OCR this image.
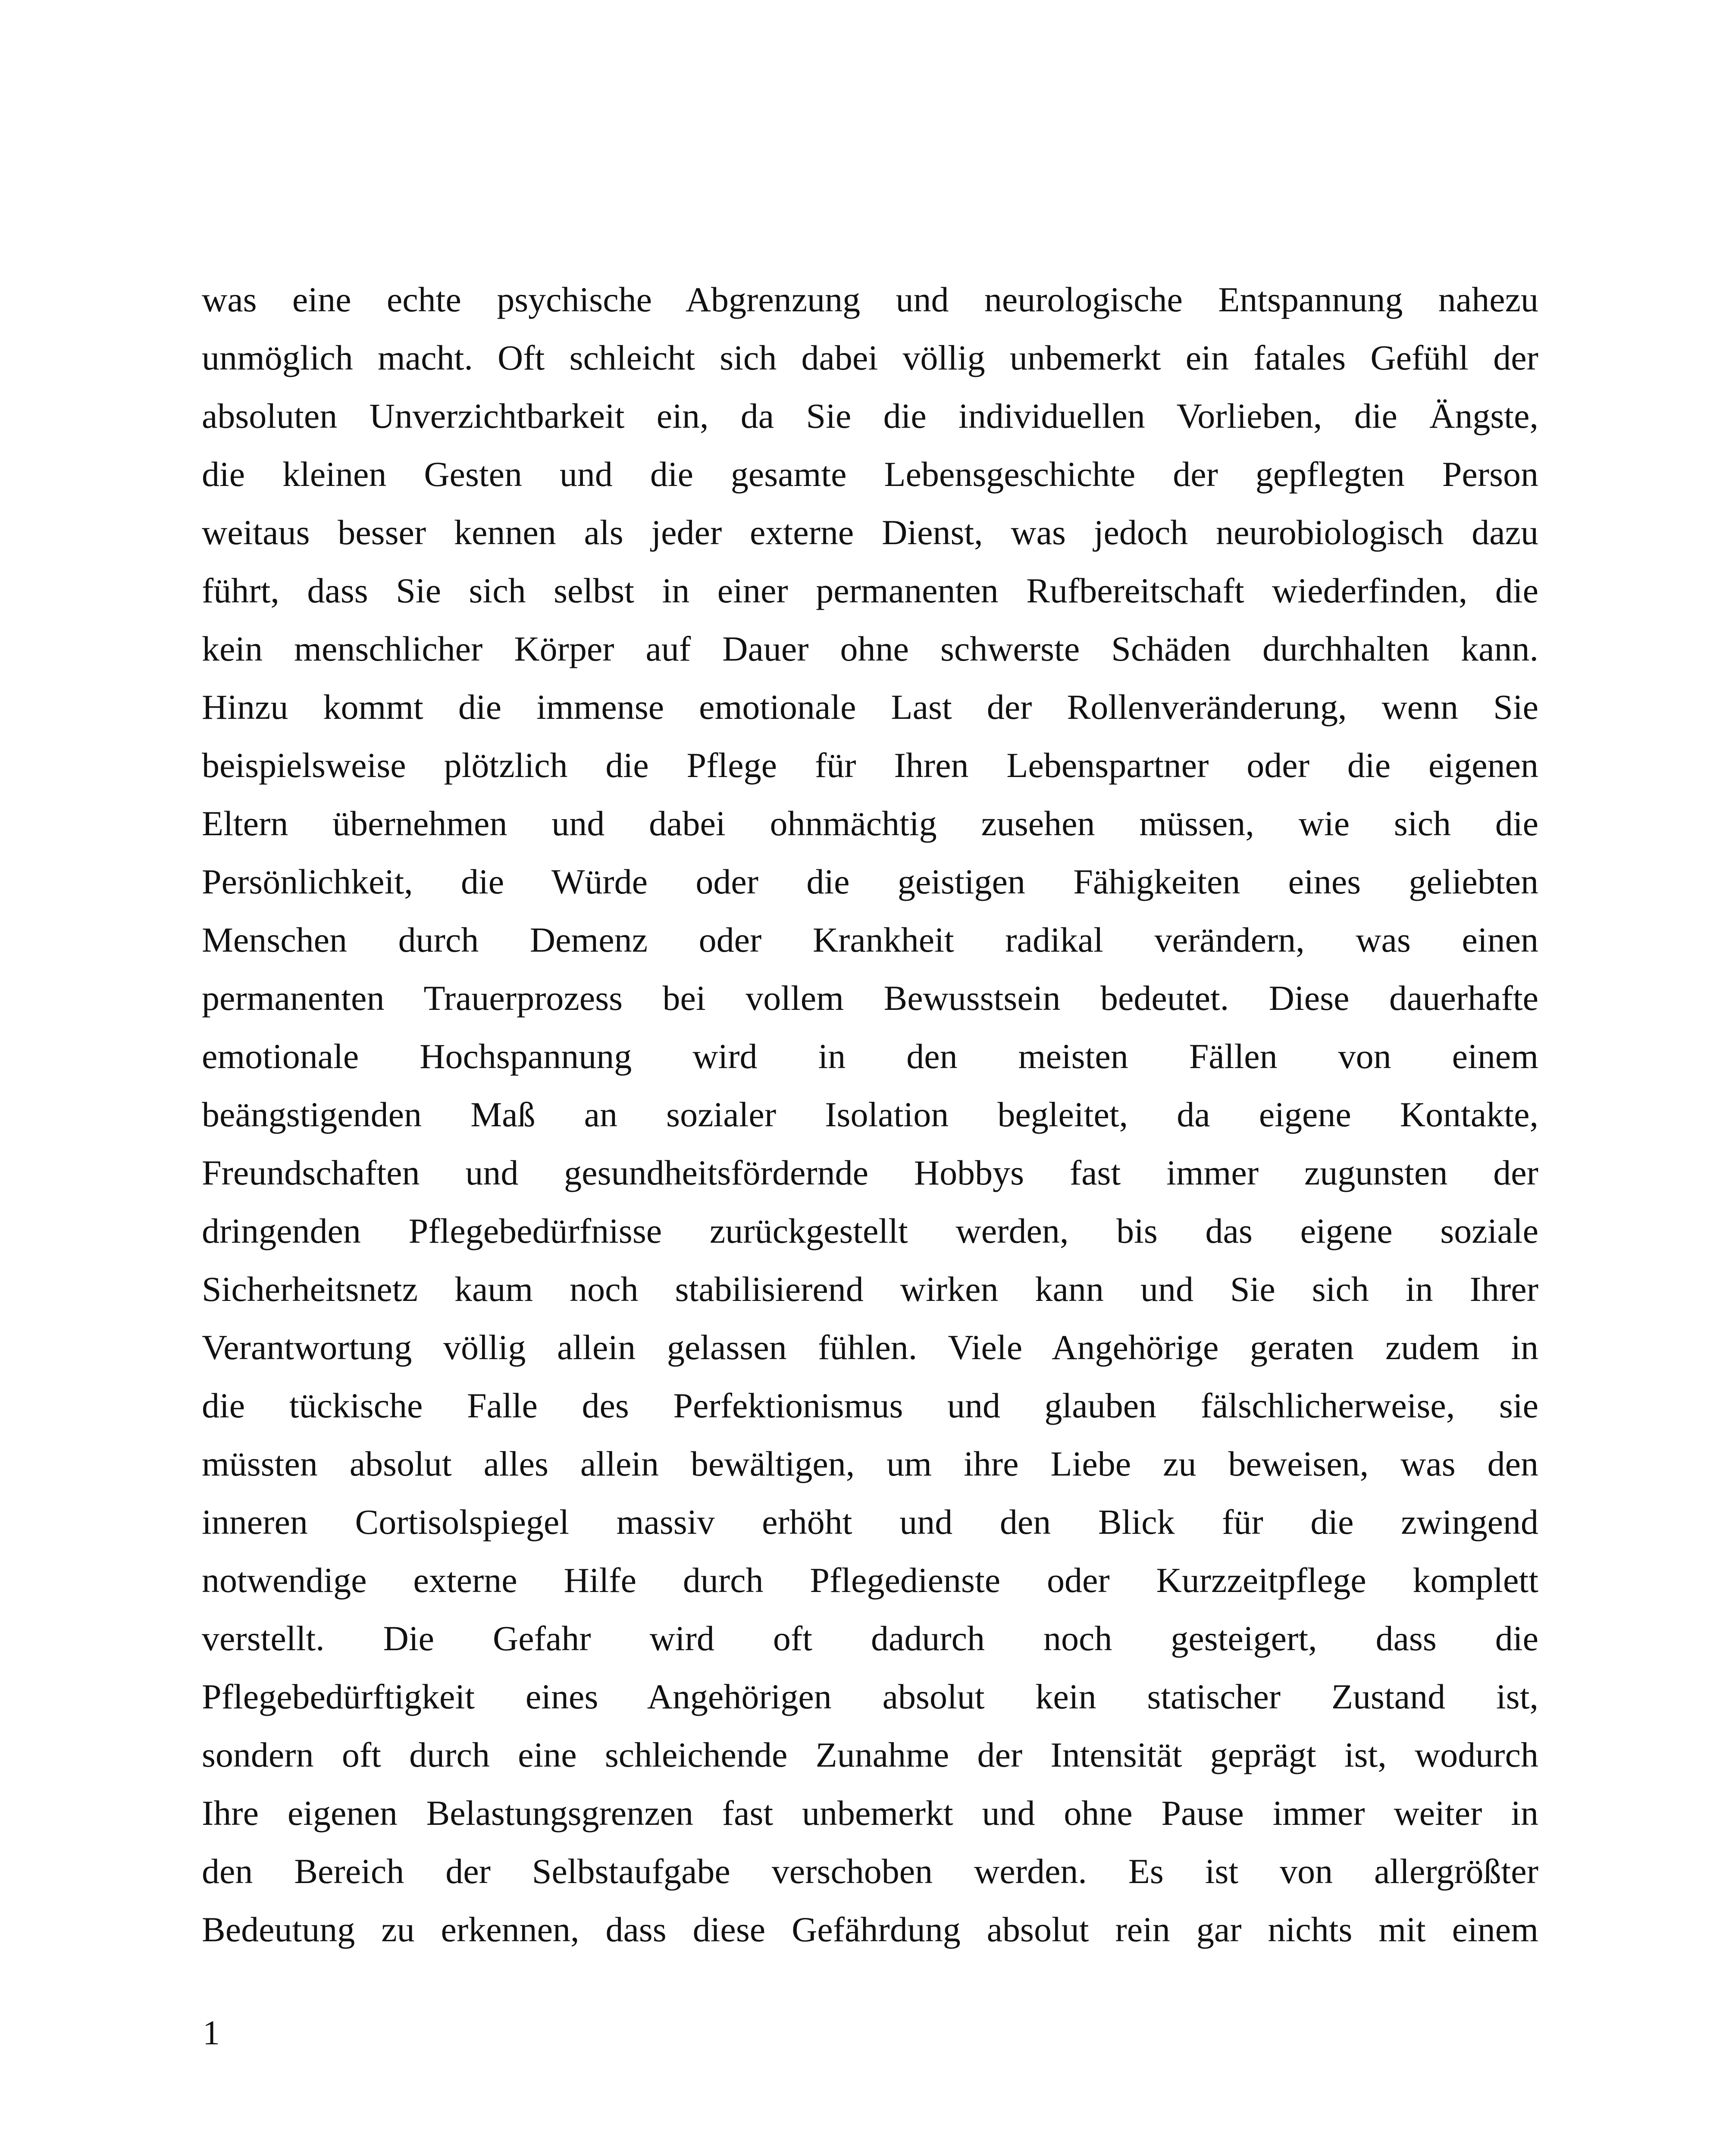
was eine echte psychische Abgrenzung und neurologische Entspannung nahezu
unmöglich macht. Oft schleicht sich dabei völlig unbemerkt ein fatales Gefühl der
absoluten Unverzichtbarkeit ein, da Sie die individuellen Vorlieben, die Ängste,
die kleinen Gesten und die gesamte Lebensgeschichte der gepflegten Person
weitaus besser kennen als jeder externe Dienst, was jedoch neurobiologisch dazu
führt, dass Sie sich selbst in einer permanenten Rufbereitschaft wiederfinden, die
kein menschlicher Körper auf Dauer ohne schwerste Schäden durchhalten kann.
Hinzu kommt die immense emotionale Last der Rollenveränderung, wenn Sie
beispielsweise plötzlich die Pflege für Ihren Lebenspartner oder die eigenen
Eltern übernehmen und dabei ohnmächtig zusehen müssen, wie sich die
Persönlichkeit, die Würde oder die geistigen Fähigkeiten eines geliebten
Menschen durch Demenz oder Krankheit radikal verändern, was einen
permanenten Trauerprozess bei vollem Bewusstsein bedeutet. Diese dauerhafte
emotionale Hochspannung wird in den meisten Fällen von einem
beängstigenden Maß an sozialer Isolation begleitet, da eigene Kontakte,
Freundschaften und gesundheitsfördernde Hobbys fast immer zugunsten der
dringenden Pflegebedürfnisse zurückgestellt werden, bis das eigene soziale
Sicherheitsnetz kaum noch stabilisierend wirken kann und Sie sich in Ihrer
Verantwortung völlig allein gelassen fühlen. Viele Angehörige geraten zudem in
die tückische Falle des Perfektionismus und glauben fälschlicherweise, sie
müssten absolut alles allein bewältigen, um ihre Liebe zu beweisen, was den
inneren Cortisolspiegel massiv erhöht und den Blick für die zwingend
notwendige externe Hilfe durch Pflegedienste oder Kurzzeitpflege komplett
verstellt. Die Gefahr wird oft dadurch noch gesteigert, dass die
Pflegebedürftigkeit eines Angehörigen absolut kein statischer Zustand ist,
sondern oft durch eine schleichende Zunahme der Intensität geprägt ist, wodurch
Ihre eigenen Belastungsgrenzen fast unbemerkt und ohne Pause immer weiter in
den Bereich der Selbstaufgabe verschoben werden. Es ist von allergrößter
Bedeutung zu erkennen, dass diese Gefährdung absolut rein gar nichts mit einem
1
